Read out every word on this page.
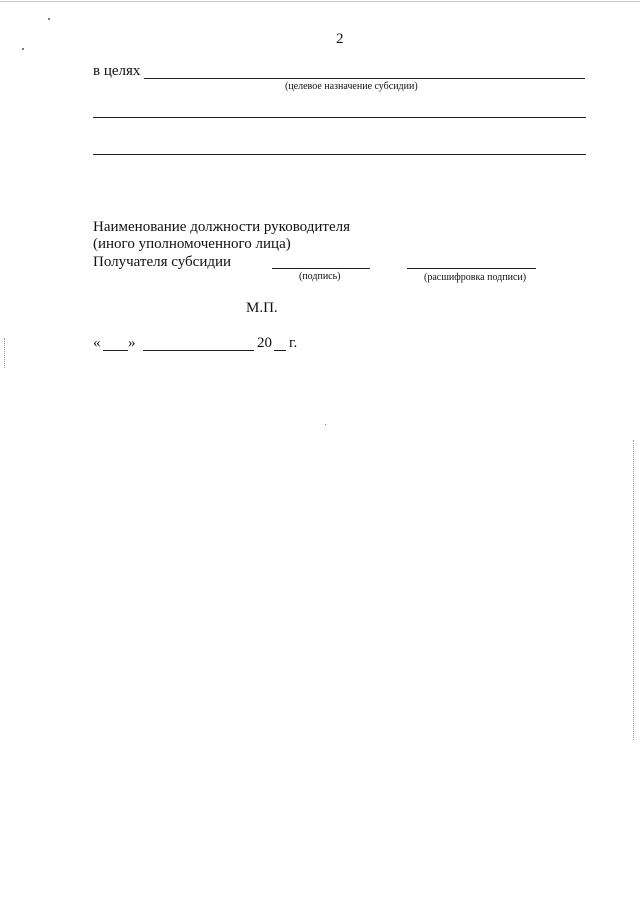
2
в целях
(целевое назначение субсидии)
Наименование должности руководителя
(иного уполномоченного лица)
Получателя субсидии
(подпись)	(расшифровка подписи)
М.П.
« »	20 г.
